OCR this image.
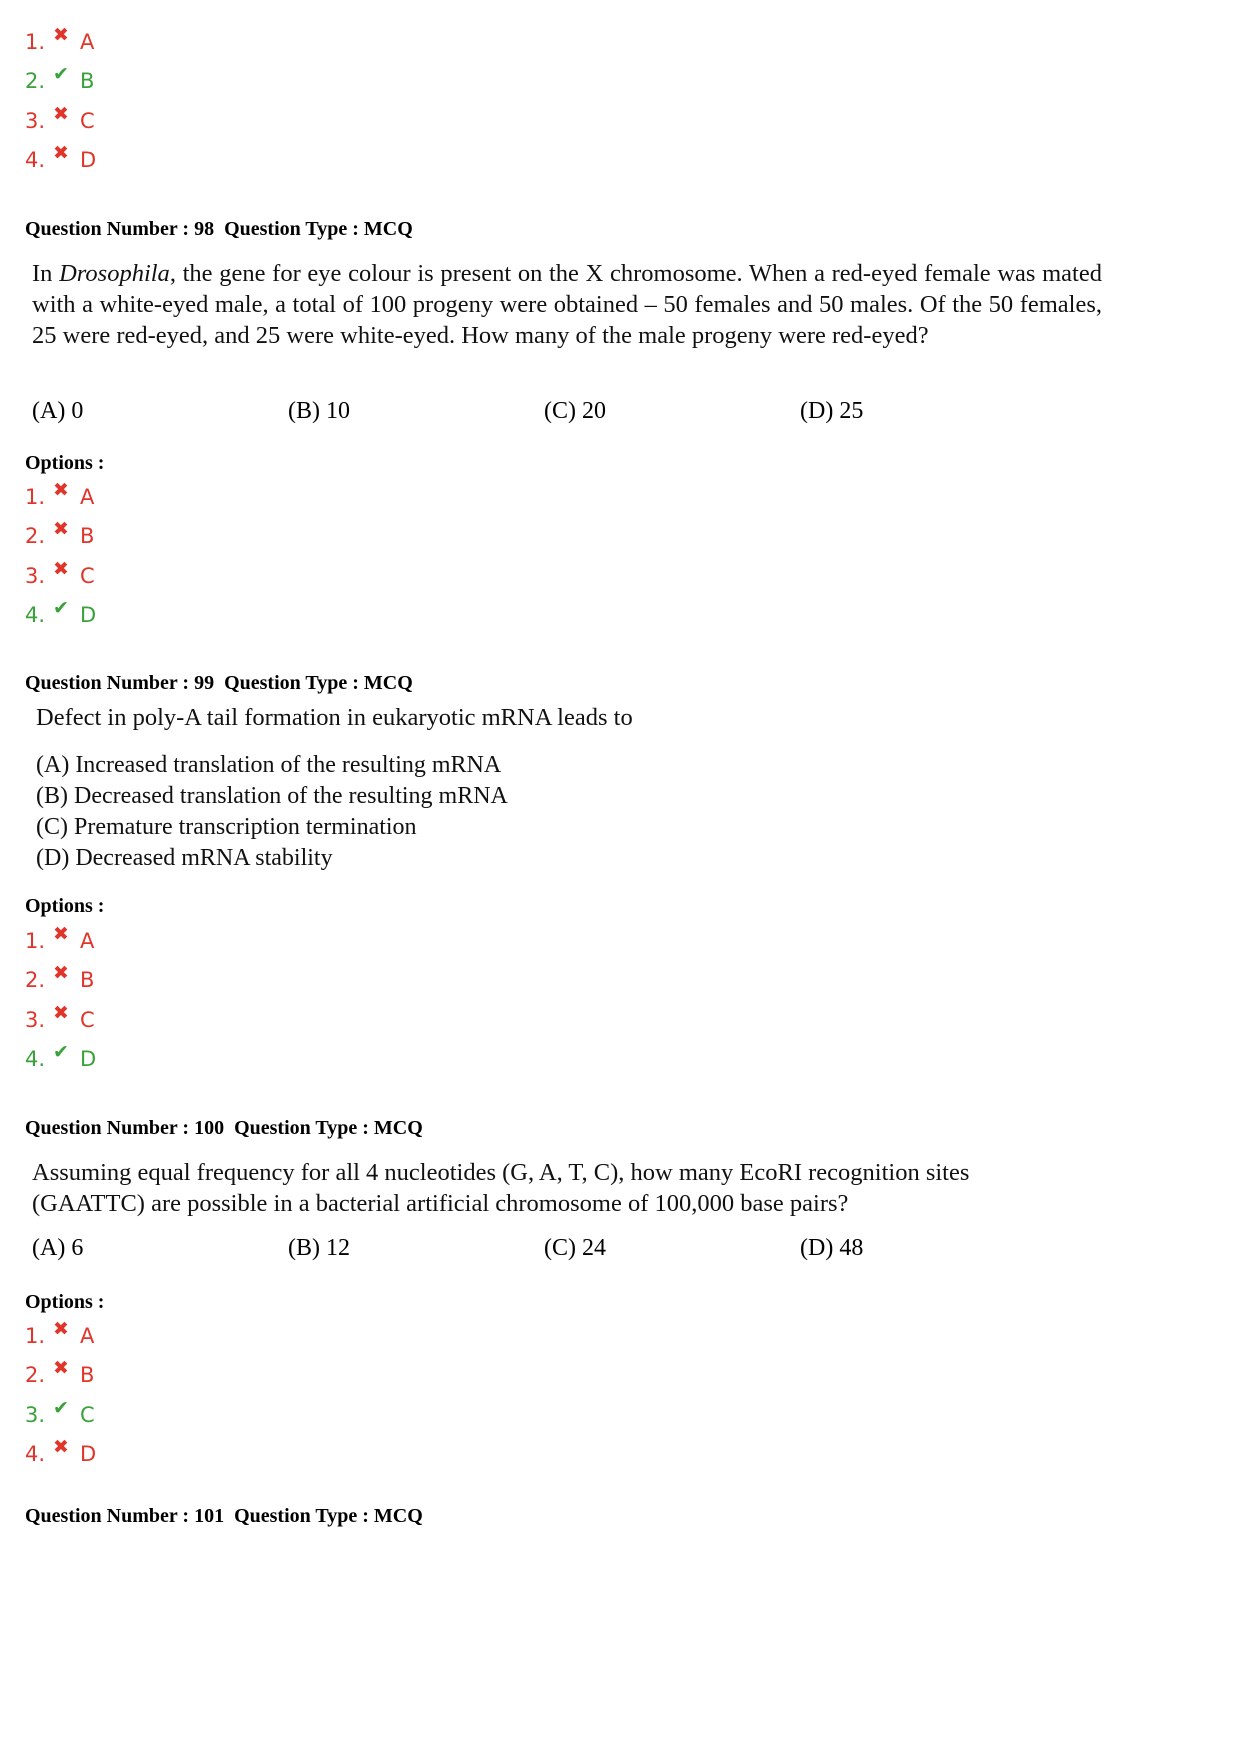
1. ✖ A
2. ✔ B
3. ✖ C
4. ✖ D
Question Number : 98 Question Type : MCQ
In Drosophila, the gene for eye colour is present on the X chromosome. When a red-eyed female was mated with a white-eyed male, a total of 100 progeny were obtained – 50 females and 50 males. Of the 50 females, 25 were red-eyed, and 25 were white-eyed. How many of the male progeny were red-eyed?
(A) 0	(B) 10	(C) 20	(D) 25
Options :
1. ✖ A
2. ✖ B
3. ✖ C
4. ✔ D
Question Number : 99 Question Type : MCQ
Defect in poly-A tail formation in eukaryotic mRNA leads to
(A) Increased translation of the resulting mRNA
(B) Decreased translation of the resulting mRNA
(C) Premature transcription termination
(D) Decreased mRNA stability
Options :
1. ✖ A
2. ✖ B
3. ✖ C
4. ✔ D
Question Number : 100 Question Type : MCQ
Assuming equal frequency for all 4 nucleotides (G, A, T, C), how many EcoRI recognition sites (GAATTC) are possible in a bacterial artificial chromosome of 100,000 base pairs?
(A) 6	(B) 12	(C) 24	(D) 48
Options :
1. ✖ A
2. ✖ B
3. ✔ C
4. ✖ D
Question Number : 101 Question Type : MCQ
